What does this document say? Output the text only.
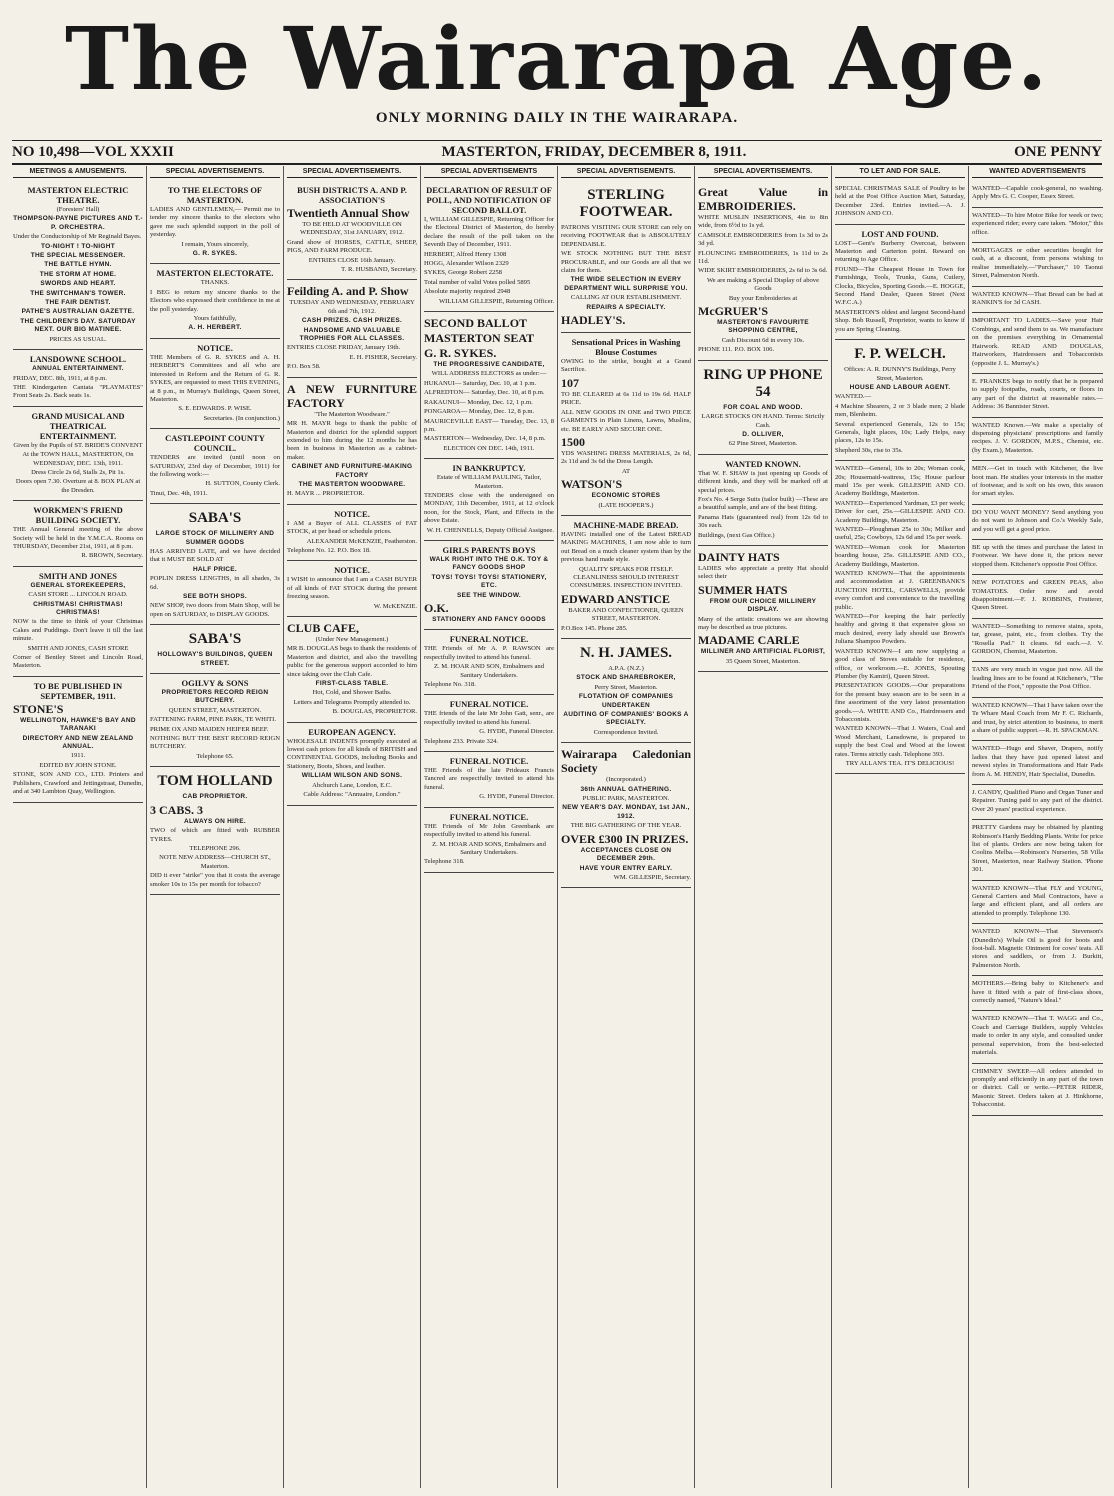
The Wairarapa Age.
ONLY MORNING DAILY IN THE WAIRARAPA.
NO 10,498—VOL XXXII	MASTERTON, FRIDAY, DECEMBER 8, 1911.	ONE PENNY
MEETINGS & AMUSEMENTS.
MASTERTON ELECTRIC THEATRE.

(Foresters' Hall)

THOMPSON-PAYNE PICTURES AND T.-P. ORCHESTRA.

Under the Conductorship of Mr Reginald Bayes.

TO-NIGHT ! TO-NIGHT

THE SPECIAL MESSENGER.

THE BATTLE HYMN.

THE STORM AT HOME.

SWORDS AND HEART.

THE SWITCHMAN'S TOWER.

THE FAIR DENTIST.

PATHE'S AUSTRALIAN GAZETTE.

THE CHILDREN'S DAY. SATURDAY NEXT. OUR BIG MATINEE.

PRICES AS USUAL.

LANSDOWNE SCHOOL.

ANNUAL ENTERTAINMENT.

FRIDAY, DEC. 8th, 1911, at 8 p.m.

THE Kindergarten Cantata "PLAYMATES" Front Seats 2s. Back seats 1s.

GRAND MUSICAL AND THEATRICAL ENTERTAINMENT.

Given by the Pupils of ST. BRIDE'S CONVENT

At the TOWN HALL, MASTERTON, On WEDNESDAY, DEC. 13th, 1911.

Dress Circle 2s 6d, Stalls 2s, Pit 1s.

Doors open 7.30. Overture at 8. BOX PLAN at the Dresden.

WORKMEN'S FRIEND BUILDING SOCIETY.

THE Annual General meeting of the above Society will be held in the Y.M.C.A. Rooms on THURSDAY, December 21st, 1911, at 8 p.m.

R. BROWN, Secretary.

SMITH AND JONES

GENERAL STOREKEEPERS,

CASH STORE ... LINCOLN ROAD.

CHRISTMAS! CHRISTMAS! CHRISTMAS!

NOW is the time to think of your Christmas Cakes and Puddings. Don't leave it till the last minute.

SMITH AND JONES, CASH STORE

Corner of Bentley Street and Lincoln Road, Masterton.

TO BE PUBLISHED IN SEPTEMBER, 1911.

STONE'S

WELLINGTON, HAWKE'S BAY AND TARANAKI

DIRECTORY AND NEW ZEALAND ANNUAL.

1911.

EDITED BY JOHN STONE.

STONE, SON AND CO., LTD. Printers and Publishers, Crawford and Jettingstraat, Dunedin, and at 340 Lambton Quay, Wellington.

SPECIAL ADVERTISEMENTS.
TO THE ELECTORS OF MASTERTON.

LADIES AND GENTLEMEN,— Permit me to tender my sincere thanks to the electors who gave me such splendid support in the poll of yesterday.

I remain, Yours sincerely,

G. R. SYKES.

MASTERTON ELECTORATE.

THANKS.

I BEG to return my sincere thanks to the Electors who expressed their confidence in me at the poll yesterday.

Yours faithfully,

A. H. HERBERT.

NOTICE.

THE Members of G. R. SYKES and A. H. HERBERT'S Committees and all who are interested in Reform and the Return of G. R. SYKES, are requested to meet THIS EVENING, at 8 p.m., in Murray's Buildings, Queen Street, Masterton.

S. E. EDWARDS. P. WISE.

Secretaries. (In conjunction.)

CASTLEPOINT COUNTY COUNCIL.

TENDERS are invited (until noon on SATURDAY, 23rd day of December, 1911) for the following work:—

H. SUTTON, County Clerk.

Tinui, Dec. 4th, 1911.

SABA'S

LARGE STOCK OF MILLINERY AND SUMMER GOODS

HAS ARRIVED LATE, and we have decided that it MUST BE SOLD AT

HALF PRICE.

POPLIN DRESS LENGTHS, in all shades, 3s 6d.

SEE BOTH SHOPS.

NEW SHOP, two doors from Main Shop, will be open on SATURDAY, to DISPLAY GOODS.

SABA'S

HOLLOWAY'S BUILDINGS, QUEEN STREET.

OGILVY & SONS

PROPRIETORS RECORD REIGN BUTCHERY.

QUEEN STREET, MASTERTON.

FATTENING FARM, PINE PARK, TE WHITI.

PRIME OX AND MAIDEN HEIFER BEEF.

NOTHING BUT THE BEST RECORD REIGN BUTCHERY.

Telephone 65.

TOM HOLLAND

CAB PROPRIETOR.

3 CABS. 3

ALWAYS ON HIRE.

TWO of which are fitted with RUBBER TYRES.

TELEPHONE 296.

NOTE NEW ADDRESS—CHURCH ST., Masterton.

DID it ever "strike" you that it costs the average smoker 10s to 15s per month for tobacco?

SPECIAL ADVERTISEMENTS.
BUSH DISTRICTS A. AND P. ASSOCIATION'S

Twentieth Annual Show

TO BE HELD AT WOODVILLE ON WEDNESDAY, 31st JANUARY, 1912.

Grand show of HORSES, CATTLE, SHEEP, PIGS, AND FARM PRODUCE.

ENTRIES CLOSE 16th January.

T. R. HUSBAND, Secretary.

Feilding A. and P. Show

TUESDAY AND WEDNESDAY, FEBRUARY 6th and 7th, 1912.

CASH PRIZES. CASH PRIZES.

HANDSOME AND VALUABLE TROPHIES FOR ALL CLASSES.

ENTRIES CLOSE FRIDAY, January 19th.

E. H. FISHER, Secretary.

P.O. Box 58.

A NEW FURNITURE FACTORY

"The Masterton Woodware."

MR H. MAYR begs to thank the public of Masterton and district for the splendid support extended to him during the 12 months he has been in business in Masterton as a cabinet-maker.

CABINET AND FURNITURE-MAKING FACTORY

THE MASTERTON WOODWARE.

H. MAYR ... PROPRIETOR.

NOTICE.

I AM a Buyer of ALL CLASSES of FAT STOCK, at per head or schedule prices.

ALEXANDER McKENZIE, Featherston.

Telephone No. 12. P.O. Box 18.

NOTICE.

I WISH to announce that I am a CASH BUYER of all kinds of FAT STOCK during the present freezing season.

W. McKENZIE.

CLUB CAFE,

(Under New Management.)

MR B. DOUGLAS begs to thank the residents of Masterton and district, and also the travelling public for the generous support accorded to him since taking over the Club Cafe.

FIRST-CLASS TABLE.

Hot, Cold, and Shower Baths.

Letters and Telegrams Promptly attended to.

B. DOUGLAS, PROPRIETOR.

EUROPEAN AGENCY.

WHOLESALE INDENTS promptly executed at lowest cash prices for all kinds of BRITISH and CONTINENTAL GOODS, including Books and Stationery, Boots, Shoes, and leather.

WILLIAM WILSON AND SONS.

Abchurch Lane, London, E.C.

Cable Address: "Annuaire, London."

SPECIAL ADVERTISEMENTS
DECLARATION OF RESULT OF POLL, AND NOTIFICATION OF SECOND BALLOT.

I, WILLIAM GILLESPIE, Returning Officer for the Electoral District of Masterton, do hereby declare the result of the poll taken on the Seventh Day of December, 1911.

HERBERT, Alfred Henry 1308

HOGG, Alexander Wilson 2329

SYKES, George Robert 2258

Total number of valid Votes polled 5895

Absolute majority required 2948

WILLIAM GILLESPIE, Returning Officer.

SECOND BALLOT

MASTERTON SEAT

G. R. SYKES.

THE PROGRESSIVE CANDIDATE,

WILL ADDRESS ELECTORS as under:—

HUKANUI— Saturday, Dec. 10, at 1 p.m.

ALFREDTON— Saturday, Dec. 10, at 8 p.m.

RAKAUNUI— Monday, Dec. 12, 1 p.m.

PONGAROA— Monday, Dec. 12, 8 p.m.

MAURICEVILLE EAST— Tuesday, Dec. 13, 8 p.m.

MASTERTON— Wednesday, Dec. 14, 8 p.m.

ELECTION ON DEC. 14th, 1911.

IN BANKRUPTCY.

Estate of WILLIAM PAULING, Tailor, Masterton.

TENDERS close with the undersigned on MONDAY, 11th December, 1911, at 12 o'clock noon, for the Stock, Plant, and Effects in the above Estate.

W. H. CHENNELLS, Deputy Official Assignee.

GIRLS PARENTS BOYS

WALK RIGHT INTO THE O.K. TOY & FANCY GOODS SHOP

TOYS! TOYS! TOYS! STATIONERY, ETC.

SEE THE WINDOW.

O.K.

STATIONERY AND FANCY GOODS

FUNERAL NOTICE.

THE Friends of Mr A. P. RAWSON are respectfully invited to attend his funeral.

Z. M. HOAR AND SON, Embalmers and Sanitary Undertakers.

Telephone No. 318.

FUNERAL NOTICE.

THE friends of the late Mr John Gatt, senr., are respectfully invited to attend his funeral.

G. HYDE, Funeral Director.

Telephone 233. Private 324.

FUNERAL NOTICE.

THE Friends of the late Prideaux Francis Tancred are respectfully invited to attend his funeral.

G. HYDE, Funeral Director.

FUNERAL NOTICE.

THE Friends of Mr John Greenbank are respectfully invited to attend his funeral.

Z. M. HOAR AND SONS, Embalmers and Sanitary Undertakers.

Telephone 318.

SPECIAL ADVERTISEMENTS.
STERLING FOOTWEAR.

PATRONS VISITING OUR STORE can rely on receiving FOOTWEAR that is ABSOLUTELY DEPENDABLE.

WE STOCK NOTHING BUT THE BEST PROCURABLE, and our Goods are all that we claim for them.

THE WIDE SELECTION IN EVERY DEPARTMENT WILL SURPRISE YOU.

CALLING AT OUR ESTABLISHMENT.

REPAIRS A SPECIALTY.

HADLEY'S.

Sensational Prices in Washing Blouse Costumes

OWING to the strike, bought at a Grand Sacrifice.

107

TO BE CLEARED at 6s 11d to 19s 6d. HALF PRICE.

ALL NEW GOODS IN ONE and TWO PIECE GARMENTS in Plain Linens, Lawns, Muslins, etc. BE EARLY AND SECURE ONE.

1500

YDS WASHING DRESS MATERIALS, 2s 6d, 2s 11d and 3s 6d the Dress Length.

AT

WATSON'S

ECONOMIC STORES

(LATE HOOPER'S.)

MACHINE-MADE BREAD.

HAVING installed one of the Latest BREAD MAKING MACHINES, I am now able to turn out Bread on a much cleaner system than by the previous hand made style.

QUALITY SPEAKS FOR ITSELF. CLEANLINESS SHOULD INTEREST CONSUMERS. INSPECTION INVITED.

EDWARD ANSTICE

BAKER AND CONFECTIONER, QUEEN STREET, MASTERTON.

P.O.Box 145. Phone 285.

N. H. JAMES.

A.P.A. (N.Z.)

STOCK AND SHAREBROKER,

Perry Street, Masterton.

FLOTATION OF COMPANIES UNDERTAKEN

AUDITING OF COMPANIES' BOOKS A SPECIALTY.

Correspondence Invited.

Wairarapa Caledonian Society

(Incorporated.)

36th ANNUAL GATHERING.

PUBLIC PARK, MASTERTON.

NEW YEAR'S DAY. MONDAY, 1st JAN., 1912.

THE BIG GATHERING OF THE YEAR.

OVER £300 IN PRIZES.

ACCEPTANCES CLOSE ON DECEMBER 29th.

HAVE YOUR ENTRY EARLY.

WM. GILLESPIE, Secretary.

SPECIAL ADVERTISEMENTS.

Great Value in EMBROIDERIES.

WHITE MUSLIN INSERTIONS, 4in to 8in wide, from 6½d to 1s yd.

CAMISOLE EMBROIDERIES from 1s 3d to 2s 3d yd.

FLOUNCING EMBROIDERIES, 1s 11d to 2s 11d.

WIDE SKIRT EMBROIDERIES, 2s 6d to 3s 6d.

We are making a Special Display of above Goods

Buy your Embroideries at

McGRUER'S

MASTERTON'S FAVOURITE SHOPPING CENTRE,

Cash Discount 6d in every 10s.

PHONE 111. P.O. BOX 106.

RING UP PHONE 54

FOR COAL AND WOOD.

LARGE STOCKS ON HAND. Terms: Strictly Cash.

D. OLLIVER,

62 Pine Street, Masterton.

WANTED KNOWN.

That W. F. SHAW is just opening up Goods of different kinds, and they will be marked off at special prices.

Fox's No. 4 Serge Suits (tailor built) —These are a beautiful sample, and are of the best fitting.

Panama Hats (guaranteed real) from 12s 6d to 30s each.

Buildings, (next Gas Office.)

DAINTY HATS

LADIES who appreciate a pretty Hat should select their

SUMMER HATS

FROM OUR CHOICE MILLINERY DISPLAY.

Many of the artistic creations we are showing may be described as true pictures.

MADAME CARLE

MILLINER AND ARTIFICIAL FLORIST,

35 Queen Street, Masterton.

TO LET AND FOR SALE.

SPECIAL CHRISTMAS SALE of Poultry to be held at the Post Office Auction Mart, Saturday, December 23rd. Entries invited.—A. J. JOHNSON AND CO.

LOST AND FOUND.

LOST—Gent's Burberry Overcoat, between Masterton and Carterton point. Reward on returning to Age Office.

FOUND—The Cheapest House in Town for Furnishings, Tools, Trunks, Guns, Cutlery, Clocks, Bicycles, Sporting Goods.—E. HOGGE, Second Hand Dealer, Queen Street (Next W.F.C.A.)

MASTERTON'S oldest and largest Second-hand Shop. Bob Russell, Proprietor, wants to know if you are Spring Cleaning.

F. P. WELCH.

Offices: A. R. DUNNY'S Buildings, Perry Street, Masterton.

HOUSE AND LABOUR AGENT.

WANTED.—

4 Machine Shearers, 2 or 3 blade men; 2 blade men, Blenheim.

Several experienced Generals, 12s to 15s; Generals, light places, 10s; Lady Helps, easy places, 12s to 15s.

Shepherd 30s, rise to 35s.

WANTED—General, 10s to 20s; Woman cook, 20s; Housemaid-waitress, 15s; House parlour maid 15s per week. GILLESPIE AND CO. Academy Buildings, Masterton.

WANTED—Experienced Yardman, £3 per week; Driver for cart, 25s.—GILLESPIE AND CO. Academy Buildings, Masterton.

WANTED—Ploughman 25s to 30s; Milker and useful, 25s; Cowboys, 12s 6d and 15s per week.

WANTED—Woman cook for Masterton boarding house, 25s. GILLESPIE AND CO., Academy Buildings, Masterton.

WANTED KNOWN—That the appointments and accommodation at J. GREENBANK'S JUNCTION HOTEL, CARSWELLS, provide every comfort and convenience to the travelling public.

WANTED—For keeping the hair perfectly healthy and giving it that expensive gloss so much desired, every lady should use Brown's Juliana Shampoo Powders.

WANTED KNOWN—I am now supplying a good class of Stoves suitable for residence, office, or workroom.—E. JONES, Spouting Plumber (by Kamiri), Queen Street.

PRESENTATION GOODS.—Our preparations for the present busy season are to be seen in a fine assortment of the very latest presentation goods.—A. WHITE AND Co., Hairdressers and Tobacconists.

WANTED KNOWN—That J. Waters, Coal and Wood Merchant, Lansdowne, is prepared to supply the best Coal and Wood at the lowest rates. Terms strictly cash. Telephone 393.

TRY ALLAN'S TEA. IT'S DELICIOUS!

WANTED ADVERTISEMENTS

WANTED—Capable cook-general, no washing. Apply Mrs G. C. Cooper, Essex Street.

WANTED—To hire Motor Bike for week or two; experienced rider; every care taken. "Motor," this office.

MORTGAGES or other securities bought for cash, at a discount, from persons wishing to realise immediately.—"Purchaser," 10 Taonui Street, Palmerston North.

WANTED KNOWN—That Bread can be had at RANKIN'S for 3d CASH.

IMPORTANT TO LADIES.—Save your Hair Combings, and send them to us. We manufacture on the premises everything in Ornamental Hairwork. READ AND DOUGLAS, Hairworkers, Hairdressers and Tobacconists (opposite J. L. Murray's.)

E. FRANKES begs to notify that he is prepared to supply footpaths, roads, courts, or floors in any part of the district at reasonable rates.—Address: 36 Bannister Street.

WANTED Known.—We make a specialty of dispensing physicians' prescriptions and family recipes. J. V. GORDON, M.P.S., Chemist, etc. (by Exam.), Masterton.

MEN.—Get in touch with Kitchener, the live boot man. He studies your interests in the matter of footwear, and is soft on his own, this season for smart styles.

DO YOU WANT MONEY? Send anything you do not want to Johnson and Co.'s Weekly Sale, and you will get a good price.

BE up with the times and purchase the latest in Footwear. We have done it, the prices never stopped them. Kitchener's opposite Post Office.

NEW POTATOES and GREEN PEAS, also TOMATOES. Order now and avoid disappointment.—F. J. ROBBINS, Fruiterer, Queen Street.

WANTED—Something to remove stains, spots, tar, grease, paint, etc., from clothes. Try the "Rosella Pad." It cleans. 6d each.—J. V. GORDON, Chemist, Masterton.

TANS are very much in vogue just now. All the leading lines are to be found at Kitchener's, "The Friend of the Foot," opposite the Post Office.

WANTED KNOWN—That I have taken over the Te Whare Maul Coach from Mr F. C. Richards, and trust, by strict attention to business, to merit a share of public support.—R. H. SPACKMAN.

WANTED—Hugo and Shaver, Drapers, notify ladies that they have just opened latest and newest styles in Transformations and Hair Pads from A. M. HENDY, Hair Specialist, Dunedin.

J. CANDY, Qualified Piano and Organ Tuner and Repairer. Tuning paid to any part of the district. Over 20 years' practical experience.

PRETTY Gardens may be obtained by planting Robinson's Hardy Bedding Plants. Write for price list of plants. Orders are now being taken for Coolins Melba.—Robinson's Nurseries, 58 Villa Street, Masterton, near Railway Station. 'Phone 301.

WANTED KNOWN—That FLY and YOUNG, General Carriers and Mail Contractors, have a large and efficient plant, and all orders are attended to promptly. Telephone 130.

WANTED KNOWN—That Stevenson's (Dunedin's) Whale Oil is good for boots and foot-ball. Magnetic Ointment for cows' teats. All stores and saddlers, or from J. Burkitt, Palmerston North.

MOTHERS.—Bring baby to Kitchener's and have it fitted with a pair of first-class shoes, correctly named, "Nature's Ideal."

WANTED KNOWN—That T. WAGG and Co., Coach and Carriage Builders, supply Vehicles made to order in any style, and consulted under personal supervision, from the best-selected materials.

CHIMNEY SWEEP.—All orders attended to promptly and efficiently in any part of the town or district. Call or write.—PETER RIDER, Masonic Street. Orders taken at J. Hinkhorne, Tobacconist.
